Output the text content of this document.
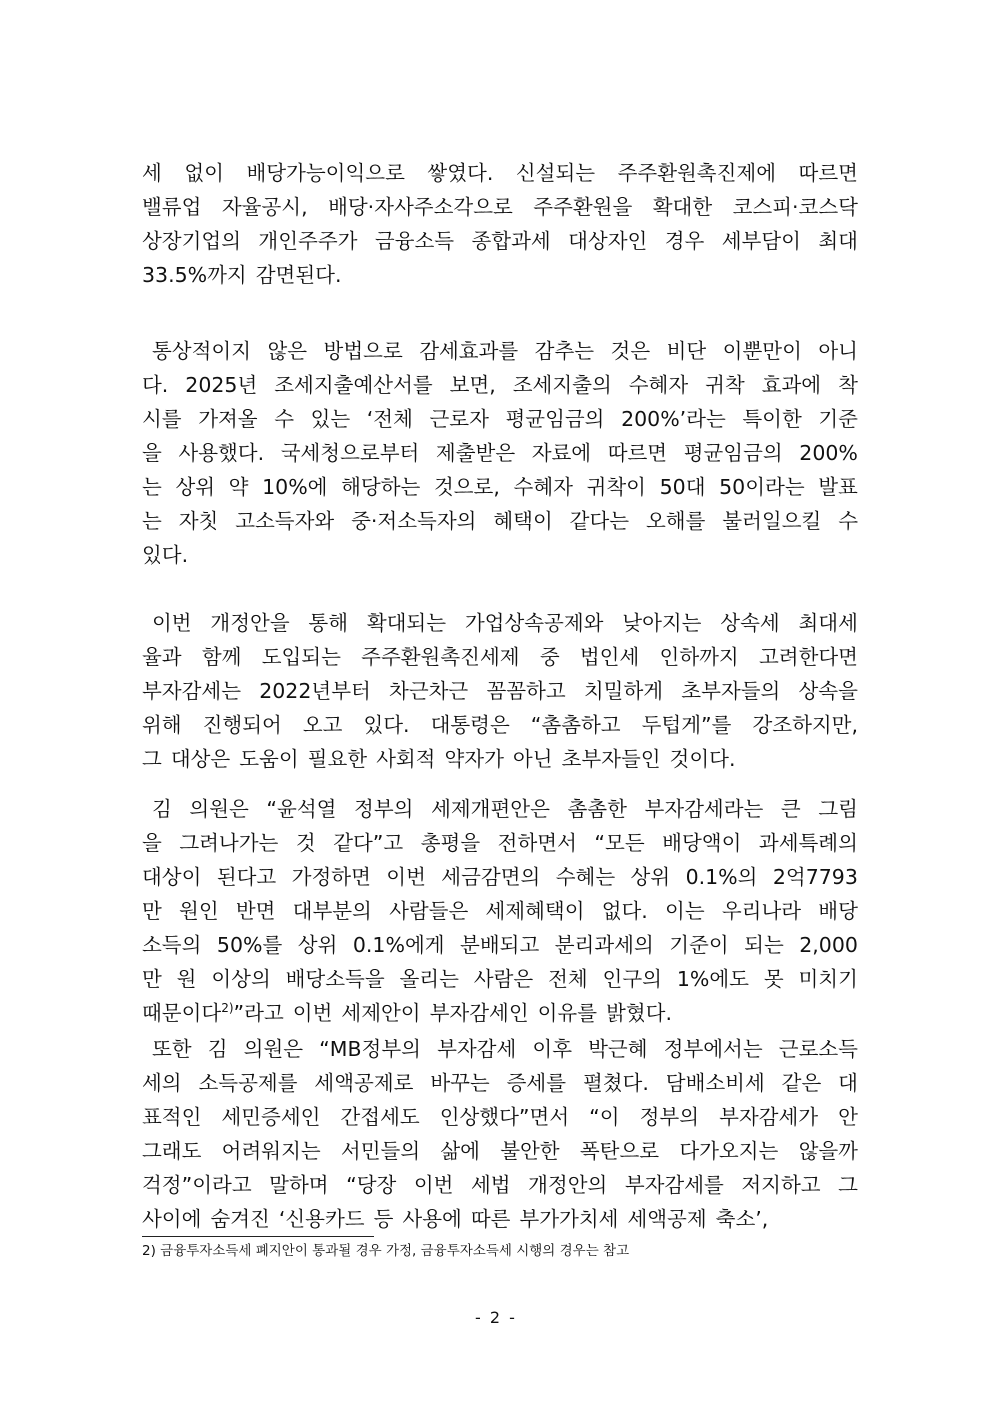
세 없이 배당가능이익으로 쌓였다. 신설되는 주주환원촉진제에 따르면
밸류업 자율공시, 배당·자사주소각으로 주주환원을 확대한 코스피·코스닥
상장기업의 개인주주가 금융소득 종합과세 대상자인 경우 세부담이 최대
33.5%까지 감면된다.
통상적이지 않은 방법으로 감세효과를 감추는 것은 비단 이뿐만이 아니
다. 2025년 조세지출예산서를 보면, 조세지출의 수혜자 귀착 효과에 착
시를 가져올 수 있는 ‘전체 근로자 평균임금의 200%’라는 특이한 기준
을 사용했다. 국세청으로부터 제출받은 자료에 따르면 평균임금의 200%
는 상위 약 10%에 해당하는 것으로, 수혜자 귀착이 50대 50이라는 발표
는 자칫 고소득자와 중·저소득자의 혜택이 같다는 오해를 불러일으킬 수
있다.
이번 개정안을 통해 확대되는 가업상속공제와 낮아지는 상속세 최대세
율과 함께 도입되는 주주환원촉진세제 중 법인세 인하까지 고려한다면
부자감세는 2022년부터 차근차근 꼼꼼하고 치밀하게 초부자들의 상속을
위해 진행되어 오고 있다. 대통령은 “촘촘하고 두텁게”를 강조하지만,
그 대상은 도움이 필요한 사회적 약자가 아닌 초부자들인 것이다.
김 의원은 “윤석열 정부의 세제개편안은 촘촘한 부자감세라는 큰 그림
을 그려나가는 것 같다”고 총평을 전하면서 “모든 배당액이 과세특례의
대상이 된다고 가정하면 이번 세금감면의 수혜는 상위 0.1%의 2억7793
만 원인 반면 대부분의 사람들은 세제혜택이 없다. 이는 우리나라 배당
소득의 50%를 상위 0.1%에게 분배되고 분리과세의 기준이 되는 2,000
만 원 이상의 배당소득을 올리는 사람은 전체 인구의 1%에도 못 미치기
때문이다$^{2)}$”라고 이번 세제안이 부자감세인 이유를 밝혔다.
또한 김 의원은 “MB정부의 부자감세 이후 박근혜 정부에서는 근로소득
세의 소득공제를 세액공제로 바꾸는 증세를 펼쳤다. 담배소비세 같은 대
표적인 세민증세인 간접세도 인상했다”면서 “이 정부의 부자감세가 안
그래도 어려워지는 서민들의 삶에 불안한 폭탄으로 다가오지는 않을까
걱정”이라고 말하며 “당장 이번 세법 개정안의 부자감세를 저지하고 그
사이에 숨겨진 ‘신용카드 등 사용에 따른 부가가치세 세액공제 축소’,
2) 금융투자소득세 폐지안이 통과될 경우 가정, 금융투자소득세 시행의 경우는 참고
- 2 -
